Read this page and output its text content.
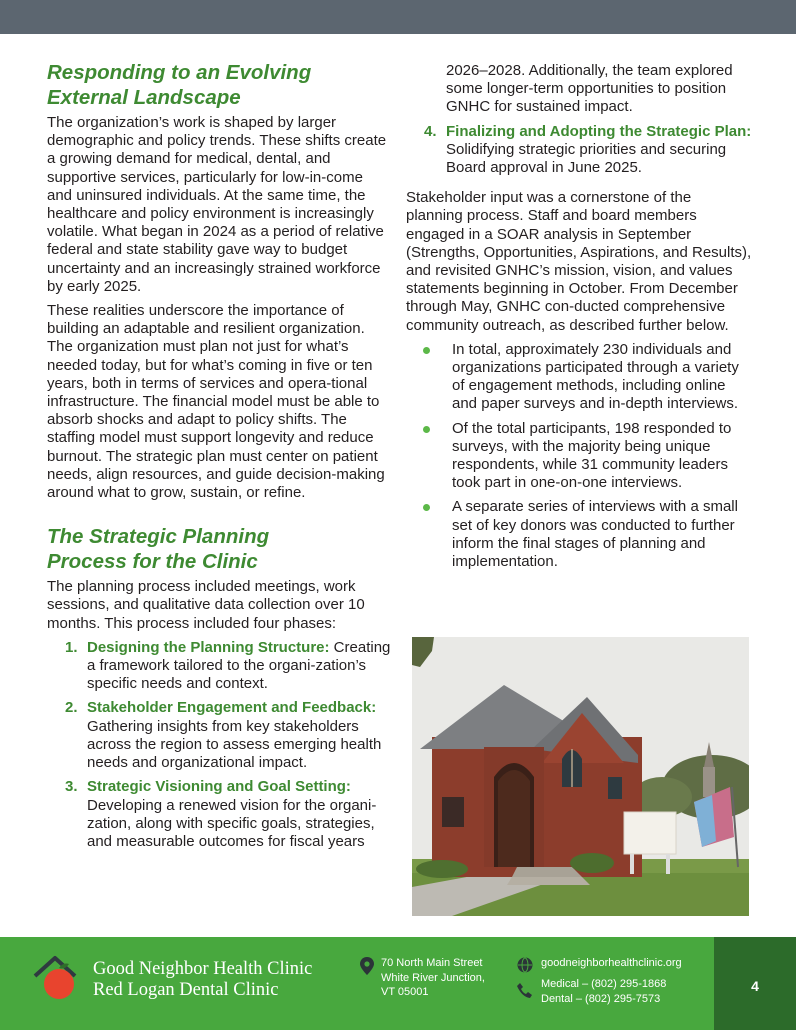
Responding to an Evolving
External Landscape

The organization’s work is shaped by larger demographic and policy trends. These shifts create a growing demand for medical, dental, and supportive services, particularly for low-in-come and uninsured individuals. At the same time, the healthcare and policy environment is increasingly volatile. What began in 2024 as a period of relative federal and state stability gave way to budget uncertainty and an increasingly strained workforce by early 2025.

These realities underscore the importance of building an adaptable and resilient organization. The organization must plan not just for what’s needed today, but for what’s coming in five or ten years, both in terms of services and opera-tional infrastructure. The financial model must be able to absorb shocks and adapt to policy shifts. The staffing model must support longevity and reduce burnout. The strategic plan must center on patient needs, align resources, and guide decision-making around what to grow, sustain, or refine.

The Strategic Planning
Process for the Clinic

The planning process included meetings, work sessions, and qualitative data collection over 10 months. This process included four phases:

1. Designing the Planning Structure: Creating a framework tailored to the organi-zation’s specific needs and context.
2. Stakeholder Engagement and Feedback: Gathering insights from key stakeholders across the region to assess emerging health needs and organizational impact.
3. Strategic Visioning and Goal Setting: Developing a renewed vision for the organi-zation, along with specific goals, strategies, and measurable outcomes for fiscal years

2026–2028. Additionally, the team explored some longer-term opportunities to position GNHC for sustained impact.

4. Finalizing and Adopting the Strategic Plan: Solidifying strategic priorities and securing Board approval in June 2025.

Stakeholder input was a cornerstone of the planning process. Staff and board members engaged in a SOAR analysis in September (Strengths, Opportunities, Aspirations, and Results), and revisited GNHC’s mission, vision, and values statements beginning in October. From December through May, GNHC con-ducted comprehensive community outreach, as described further below.

In total, approximately 230 individuals and organizations participated through a variety of engagement methods, including online and paper surveys and in-depth interviews.
Of the total participants, 198 responded to surveys, with the majority being unique respondents, while 31 community leaders took part in one-on-one interviews.
A separate series of interviews with a small set of key donors was conducted to further inform the final stages of planning and implementation.
Good Neighbor Health Clinic
Red Logan Dental Clinic
70 North Main Street
White River Junction,
VT 05001
goodneighborhealthclinic.org
Medical – (802) 295-1868
Dental – (802) 295-7573
4
